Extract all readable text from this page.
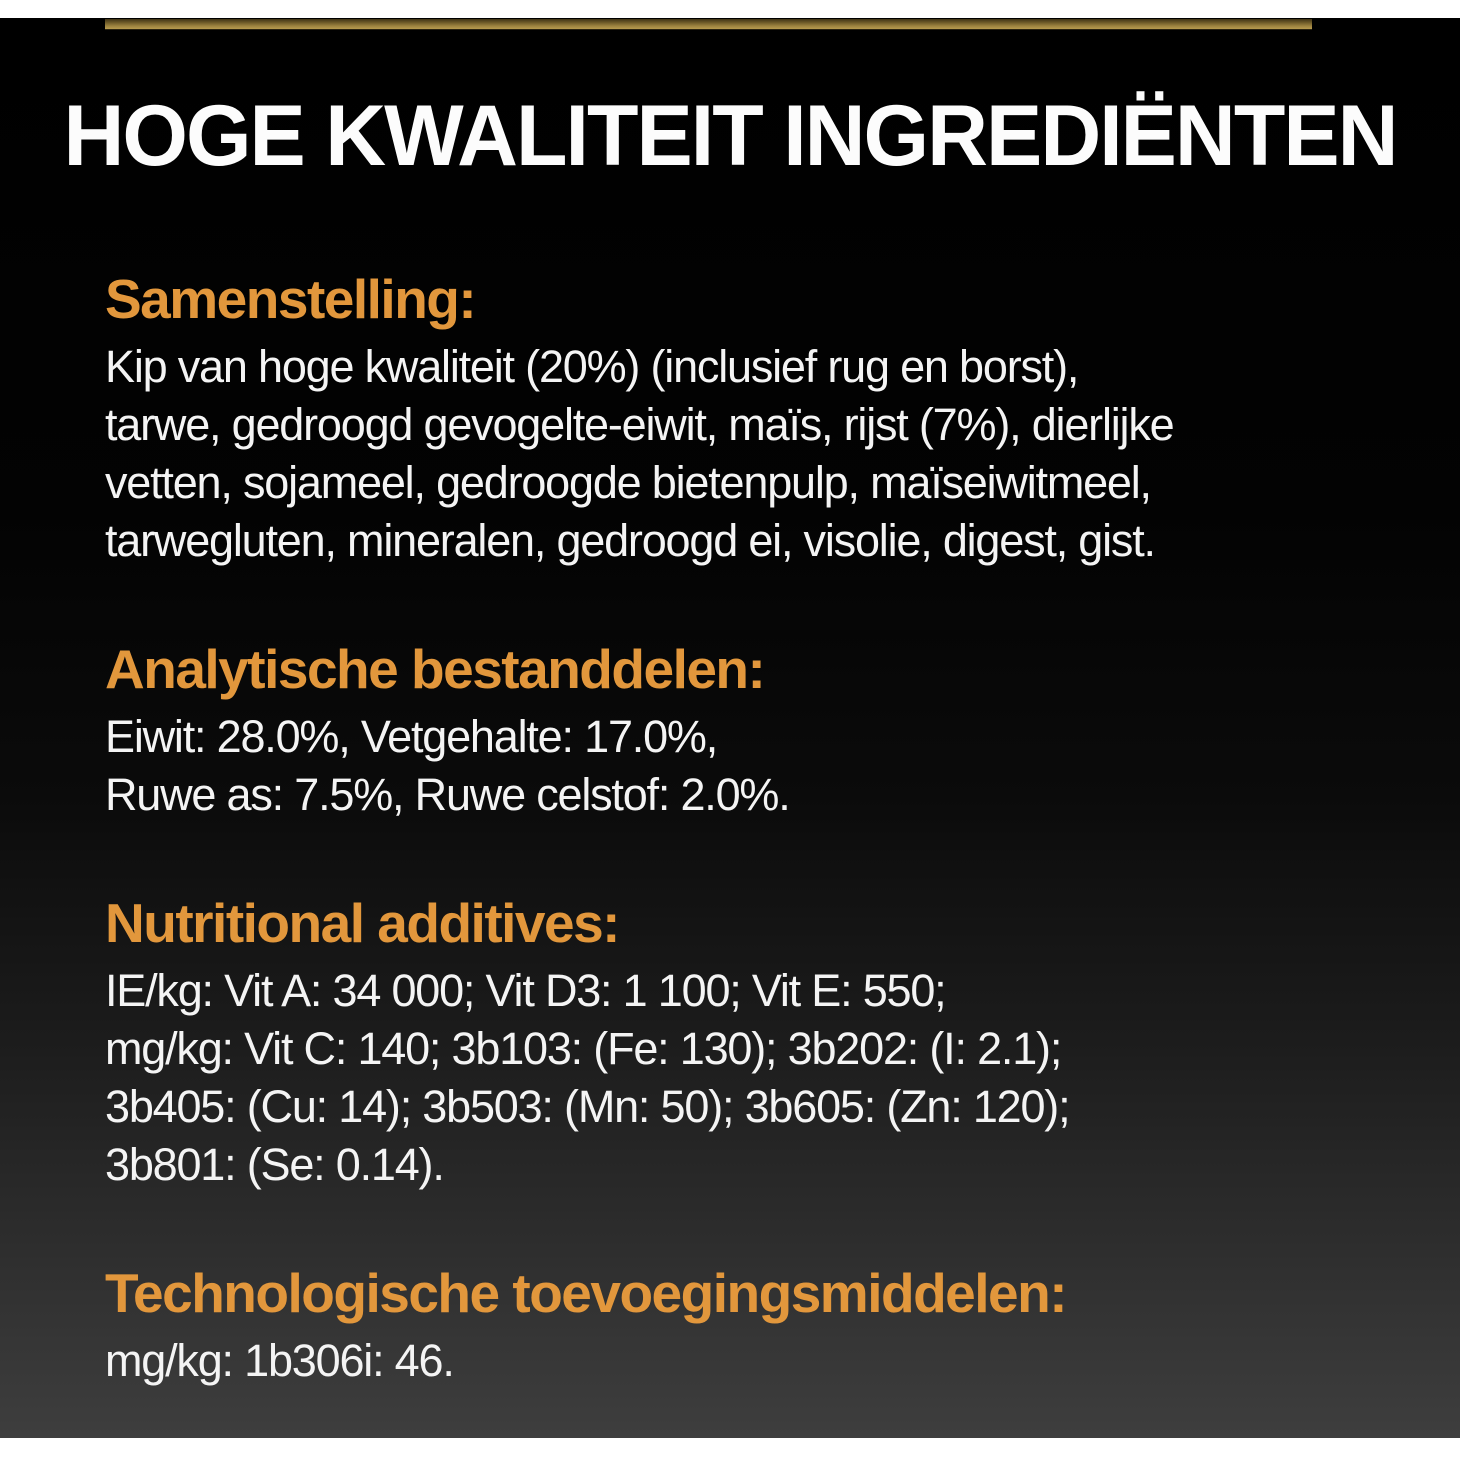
HOGE KWALITEIT INGREDIËNTEN
Samenstelling:
Kip van hoge kwaliteit (20%) (inclusief rug en borst),
tarwe, gedroogd gevogelte-eiwit, maïs, rijst (7%), dierlijke
vetten, sojameel, gedroogde bietenpulp, maïseiwitmeel,
tarwegluten, mineralen, gedroogd ei, visolie, digest, gist.
Analytische bestanddelen:
Eiwit: 28.0%, Vetgehalte: 17.0%,
Ruwe as: 7.5%, Ruwe celstof: 2.0%.
Nutritional additives:
IE/kg: Vit A: 34 000; Vit D3: 1 100; Vit E: 550;
mg/kg: Vit C: 140; 3b103: (Fe: 130); 3b202: (I: 2.1);
3b405: (Cu: 14); 3b503: (Mn: 50); 3b605: (Zn: 120);
3b801: (Se: 0.14).
Technologische toevoegingsmiddelen:
mg/kg: 1b306i: 46.
